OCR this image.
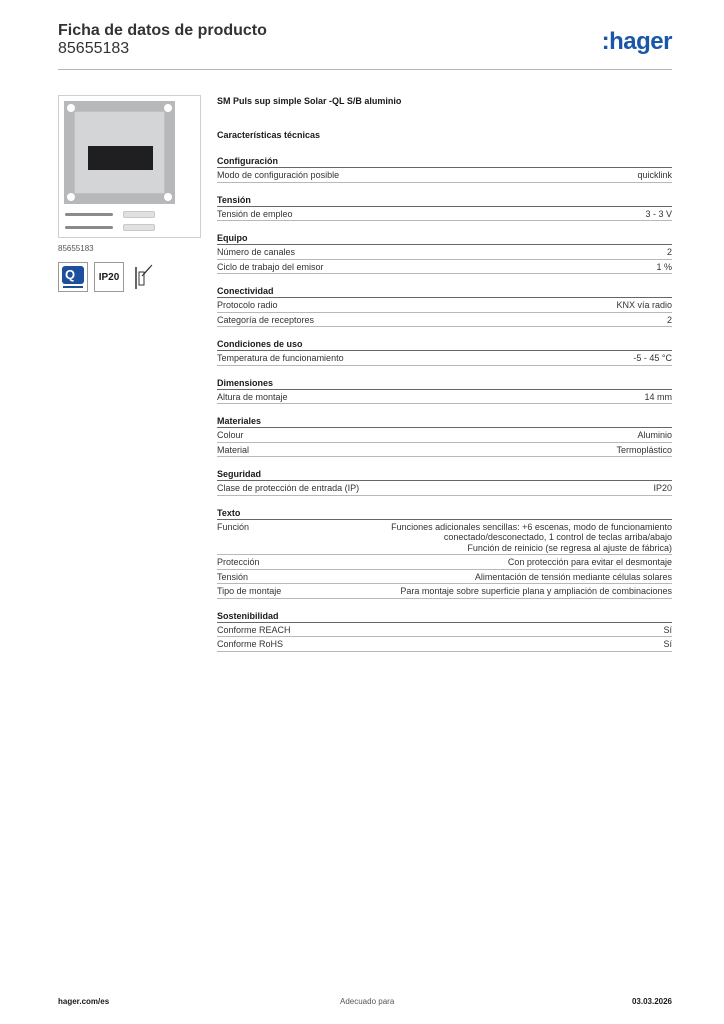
Ficha de datos de producto
85655183	:hager
85655183
Q IP20
SM Puls sup simple Solar -QL S/B aluminio
Características técnicas
Configuración
Modo de configuración posible	quicklink
Tensión
Tensión de empleo	3 - 3 V
Equipo
Número de canales	2
Ciclo de trabajo del emisor	1 %
Conectividad
Protocolo radio	KNX vía radio
Categoría de receptores	2
Condiciones de uso
Temperatura de funcionamiento	-5 - 45 °C
Dimensiones
Altura de montaje	14 mm
Materiales
Colour	Aluminio
Material	Termoplástico
Seguridad
Clase de protección de entrada (IP)	IP20
Texto
Función	Funciones adicionales sencillas: +6 escenas, modo de funcionamiento
conectado/desconectado, 1 control de teclas arriba/abajo
Función de reinicio (se regresa al ajuste de fábrica)
Protección	Con protección para evitar el desmontaje
Tensión	Alimentación de tensión mediante células solares
Tipo de montaje	Para montaje sobre superficie plana y ampliación de combinaciones
Sostenibilidad
Conforme REACH	Sí
Conforme RoHS	Sí
hager.com/es	Adecuado para	03.03.2026
